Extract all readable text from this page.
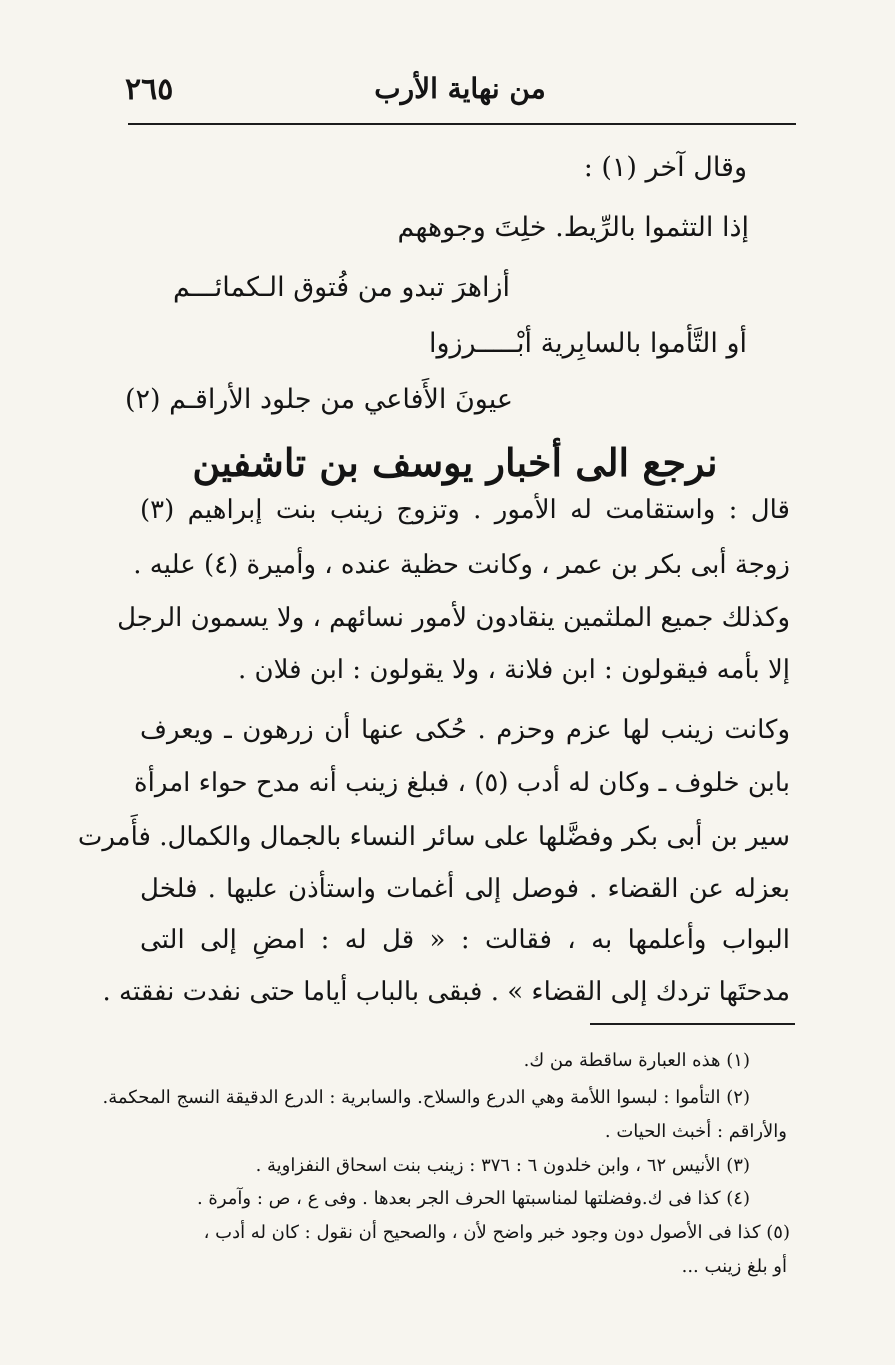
٢٦٥	من نهاية الأرب
وقال آخر (١) :
إذا التثموا بالرِّيط. خلِتَ وجوههم
أزاهرَ تبدو من فُتوق الـكمائـــم
أو التَّأموا بالسابِرية أبْـــــرزوا
عيونَ الأَفاعي من جلود الأراقـم (٢)
نرجع الى أخبار يوسف بن تاشفين
قال : واستقامت له الأمور . وتزوج زينب بنت إبراهيم (٣)
زوجة أبى بكر بن عمر ، وكانت حظية عنده ، وأميرة (٤) عليه .
وكذلك جميع الملثمين ينقادون لأمور نسائهم ، ولا يسمون الرجل
إلا بأمه فيقولون : ابن فلانة ، ولا يقولون : ابن فلان .
وكانت زينب لها عزم وحزم . حُكى عنها أن زرهون ـ ويعرف
بابن خلوف ـ وكان له أدب (٥) ، فبلغ زينب أنه مدح حواء امرأة
سير بن أبى بكر وفضَّلها على سائر النساء بالجمال والكمال. فأَمرت
بعزله عن القضاء . فوصل إلى أغمات واستأذن عليها . فلخل
البواب وأعلمها به ، فقالت : « قل له : امضِ إلى التى
مدحتَها تردك إلى القضاء » . فبقى بالباب أياما حتى نفدت نفقته .
(١) هذه العبارة ساقطة من ك.
(٢) التأموا : لبسوا اللأمة وهي الدرع والسلاح. والسابرية : الدرع الدقيقة النسج المحكمة.
والأراقم : أخبث الحيات .
(٣) الأنيس ٦٢ ، وابن خلدون ٦ : ٣٧٦ : زينب بنت اسحاق النفزاوية .
(٤) كذا فى ك.وفضلتها لمناسبتها الحرف الجر بعدها . وفى ع ، ص : وآمرة .
(٥) كذا فى الأصول دون وجود خبر واضح لأن ، والصحيح أن نقول : كان له أدب ،
أو بلغ زينب ...
